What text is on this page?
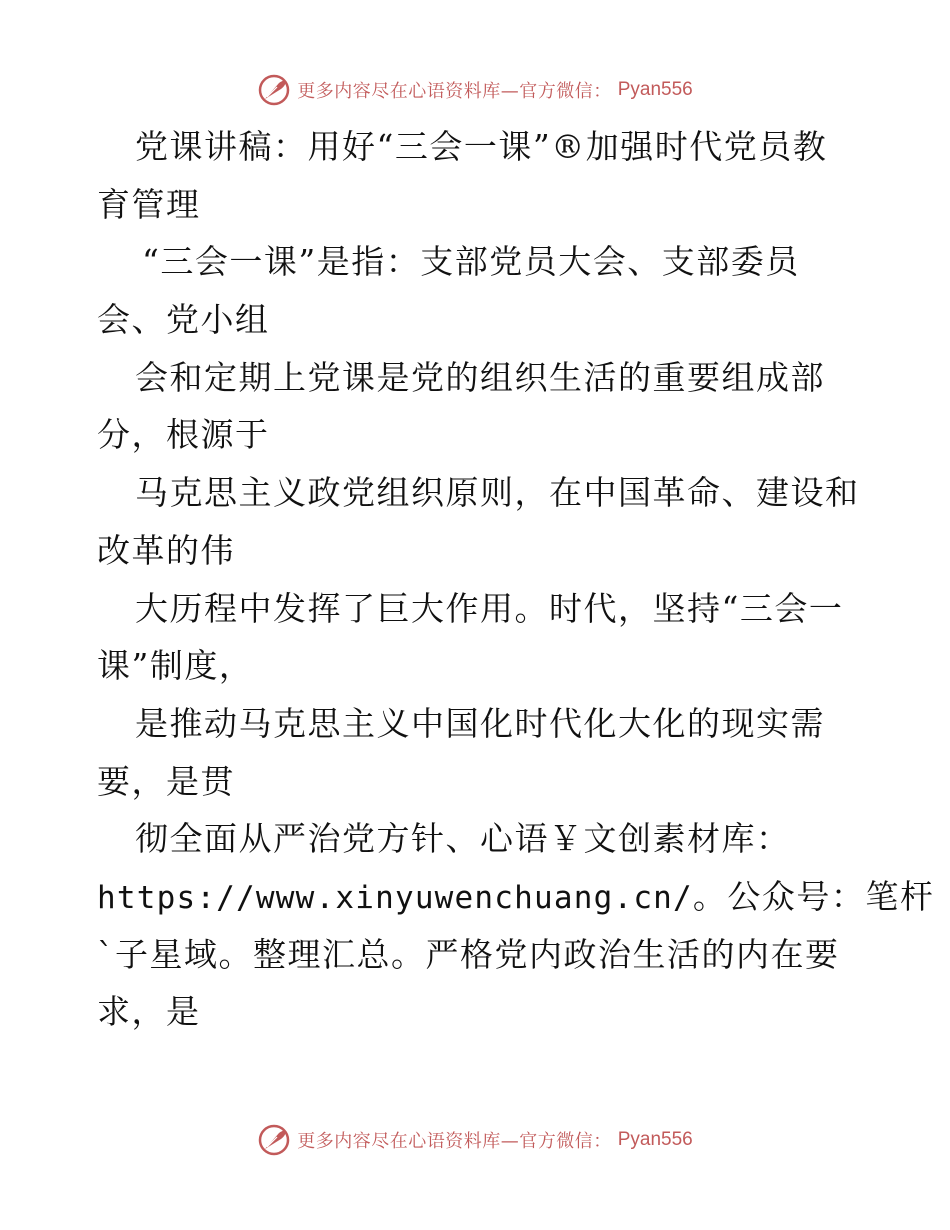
更多内容尽在心语资料库—官方微信： Pyan556
党课讲稿：用好“三会一课”®加强时代党员教
育管理
“三会一课”是指：支部党员大会、支部委员
会、党小组
会和定期上党课是党的组织生活的重要组成部
分，根源于
马克思主义政党组织原则，在中国革命、建设和
改革的伟
大历程中发挥了巨大作用。时代，坚持“三会一
课”制度，
是推动马克思主义中国化时代化大化的现实需
要，是贯
彻全面从严治党方针、心语￥文创素材库：
https://www.xinyuwenchuang.cn/。公众号：笔杆
`子星域。整理汇总。严格党内政治生活的内在要
求，是
更多内容尽在心语资料库—官方微信： Pyan556
